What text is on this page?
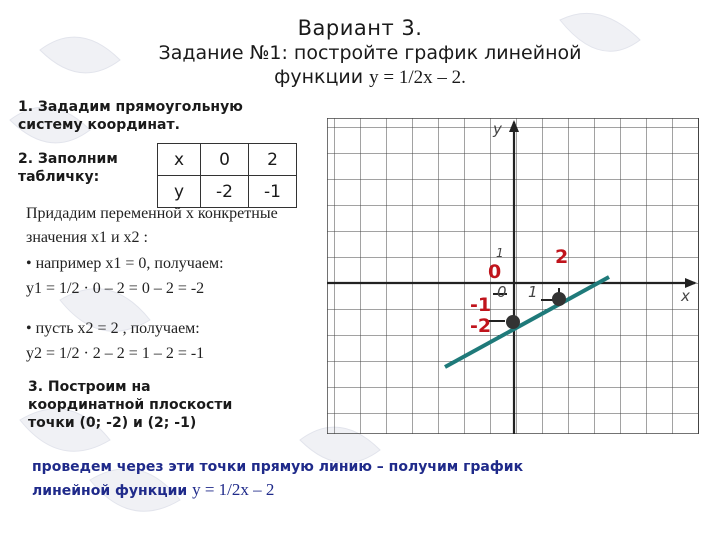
Вариант 3.
Задание №1: постройте график линейной
функции y = 1/2x – 2.
1. Зададим прямоугольную
систему координат.
2. Заполним
табличку:
x	0	2
y	-2	-1
Придадим переменной x конкретные
значения x1 и x2 :
• например x1 = 0, получаем:
y1 = 1/2 · 0 – 2 = 0 – 2 = -2
• пусть x2 = 2 , получаем:
y2 = 1/2 · 2 – 2 = 1 – 2 = -1
y
x
0 1
1	2
0
-1
-2
3. Построим на
координатной плоскости
точки (0; -2) и (2; -1)
проведем через эти точки прямую линию – получим график
линейной функции y = 1/2x – 2
